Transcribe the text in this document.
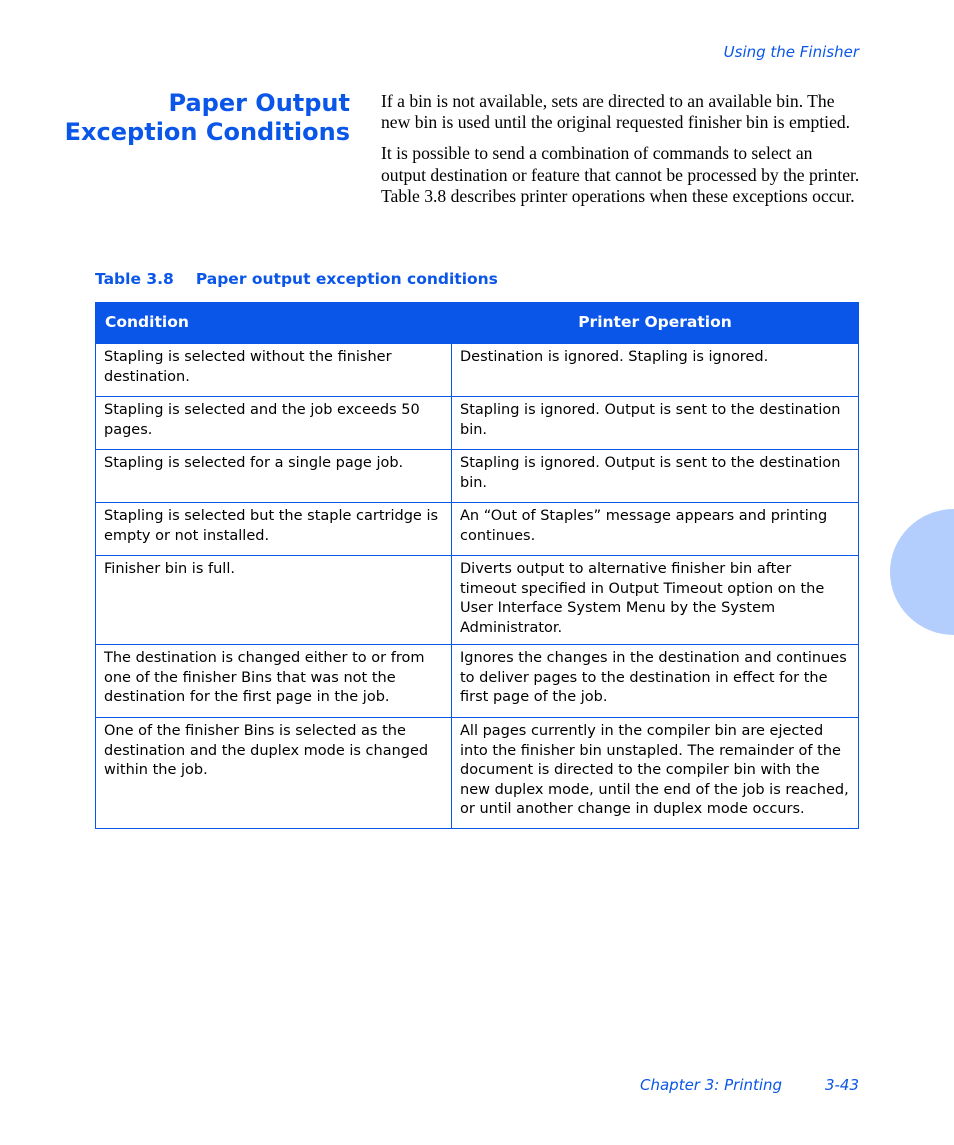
Using the Finisher
Paper Output
Exception Conditions

If a bin is not available, sets are directed to an available bin. The new bin is used until the original requested finisher bin is emptied.

It is possible to send a combination of commands to select an output destination or feature that cannot be processed by the printer. Table 3.8 describes printer operations when these exceptions occur.

Table 3.8 Paper output exception conditions
Condition	Printer Operation
Stapling is selected without the finisher destination.	Destination is ignored. Stapling is ignored.
Stapling is selected and the job exceeds 50 pages.	Stapling is ignored. Output is sent to the destination bin.
Stapling is selected for a single page job.	Stapling is ignored. Output is sent to the destination bin.
Stapling is selected but the staple cartridge is empty or not installed.	An “Out of Staples” message appears and printing continues.
Finisher bin is full.	Diverts output to alternative finisher bin after timeout specified in Output Timeout option on the User Interface System Menu by the System Administrator.
The destination is changed either to or from one of the finisher Bins that was not the destination for the first page in the job.	Ignores the changes in the destination and continues to deliver pages to the destination in effect for the first page of the job.
One of the finisher Bins is selected as the destination and the duplex mode is changed within the job.	All pages currently in the compiler bin are ejected into the finisher bin unstapled. The remainder of the document is directed to the compiler bin with the new duplex mode, until the end of the job is reached, or until another change in duplex mode occurs.
Chapter 3: Printing	3-43
